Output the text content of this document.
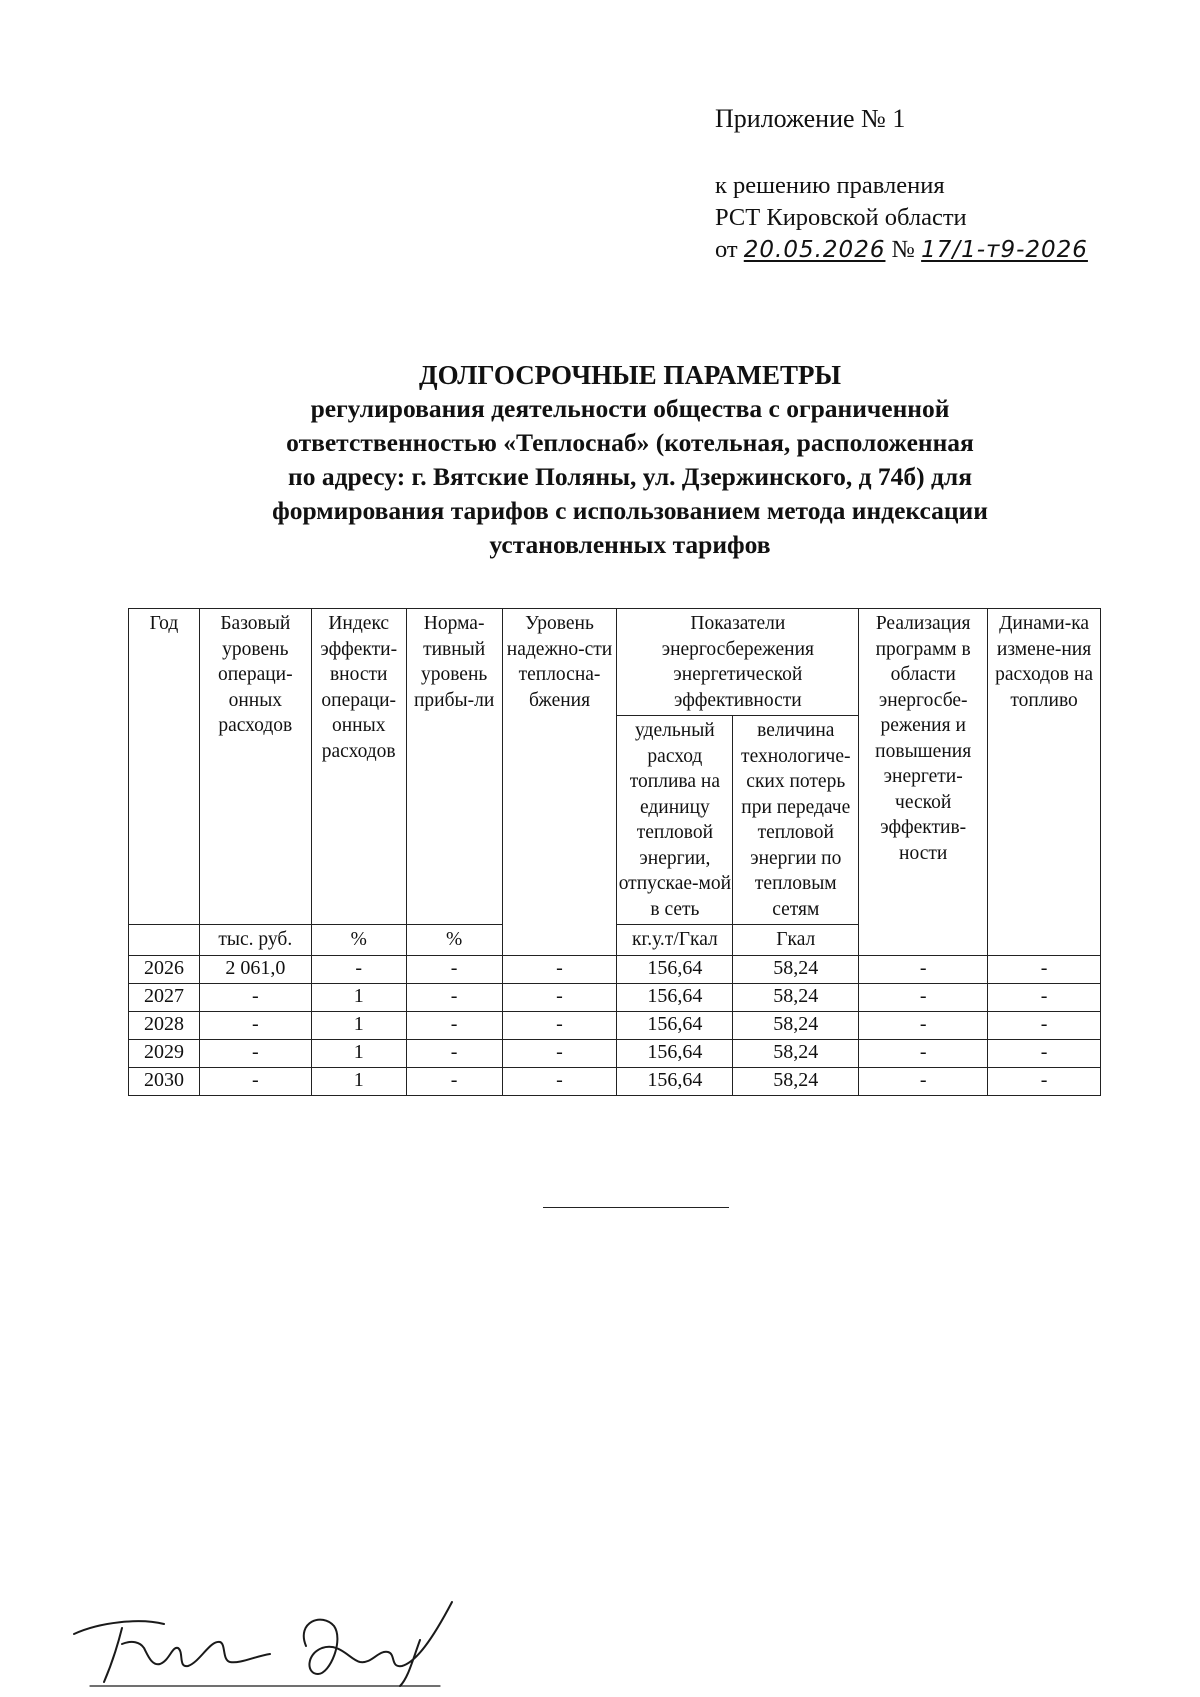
Приложение № 1
к решению правления
РСТ Кировской области
от 20.05.2026 № 17/1-т9-2026
ДОЛГОСРОЧНЫЕ ПАРАМЕТРЫ
регулирования деятельности общества с ограниченной
ответственностью «Теплоснаб» (котельная, расположенная
по адресу: г. Вятские Поляны, ул. Дзержинского, д 74б) для
формирования тарифов с использованием метода индексации
установленных тарифов
Год	Базовый уровень операци-онных расходов	Индекс эффекти-вности операци-онных расходов	Норма-тивный уровень прибы-ли	Уровень надежно-сти теплосна-бжения	Показатели энергосбережения энергетической эффективности		Реализация программ в области энергосбе-режения и повышения энергети-ческой эффектив-ности	Динами-ка измене-ния расходов на топливо
					удельный расход топлива на единицу тепловой энергии, отпускае-мой в сеть	величина технологиче-ских потерь при передаче тепловой энергии по тепловым сетям		
	тыс. руб.	%	%		кг.у.т/Гкал	Гкал		
2026	2 061,0	-	-	-	156,64	58,24	-	-
2027	-	1	-	-	156,64	58,24	-	-
2028	-	1	-	-	156,64	58,24	-	-
2029	-	1	-	-	156,64	58,24	-	-
2030	-	1	-	-	156,64	58,24	-	-
